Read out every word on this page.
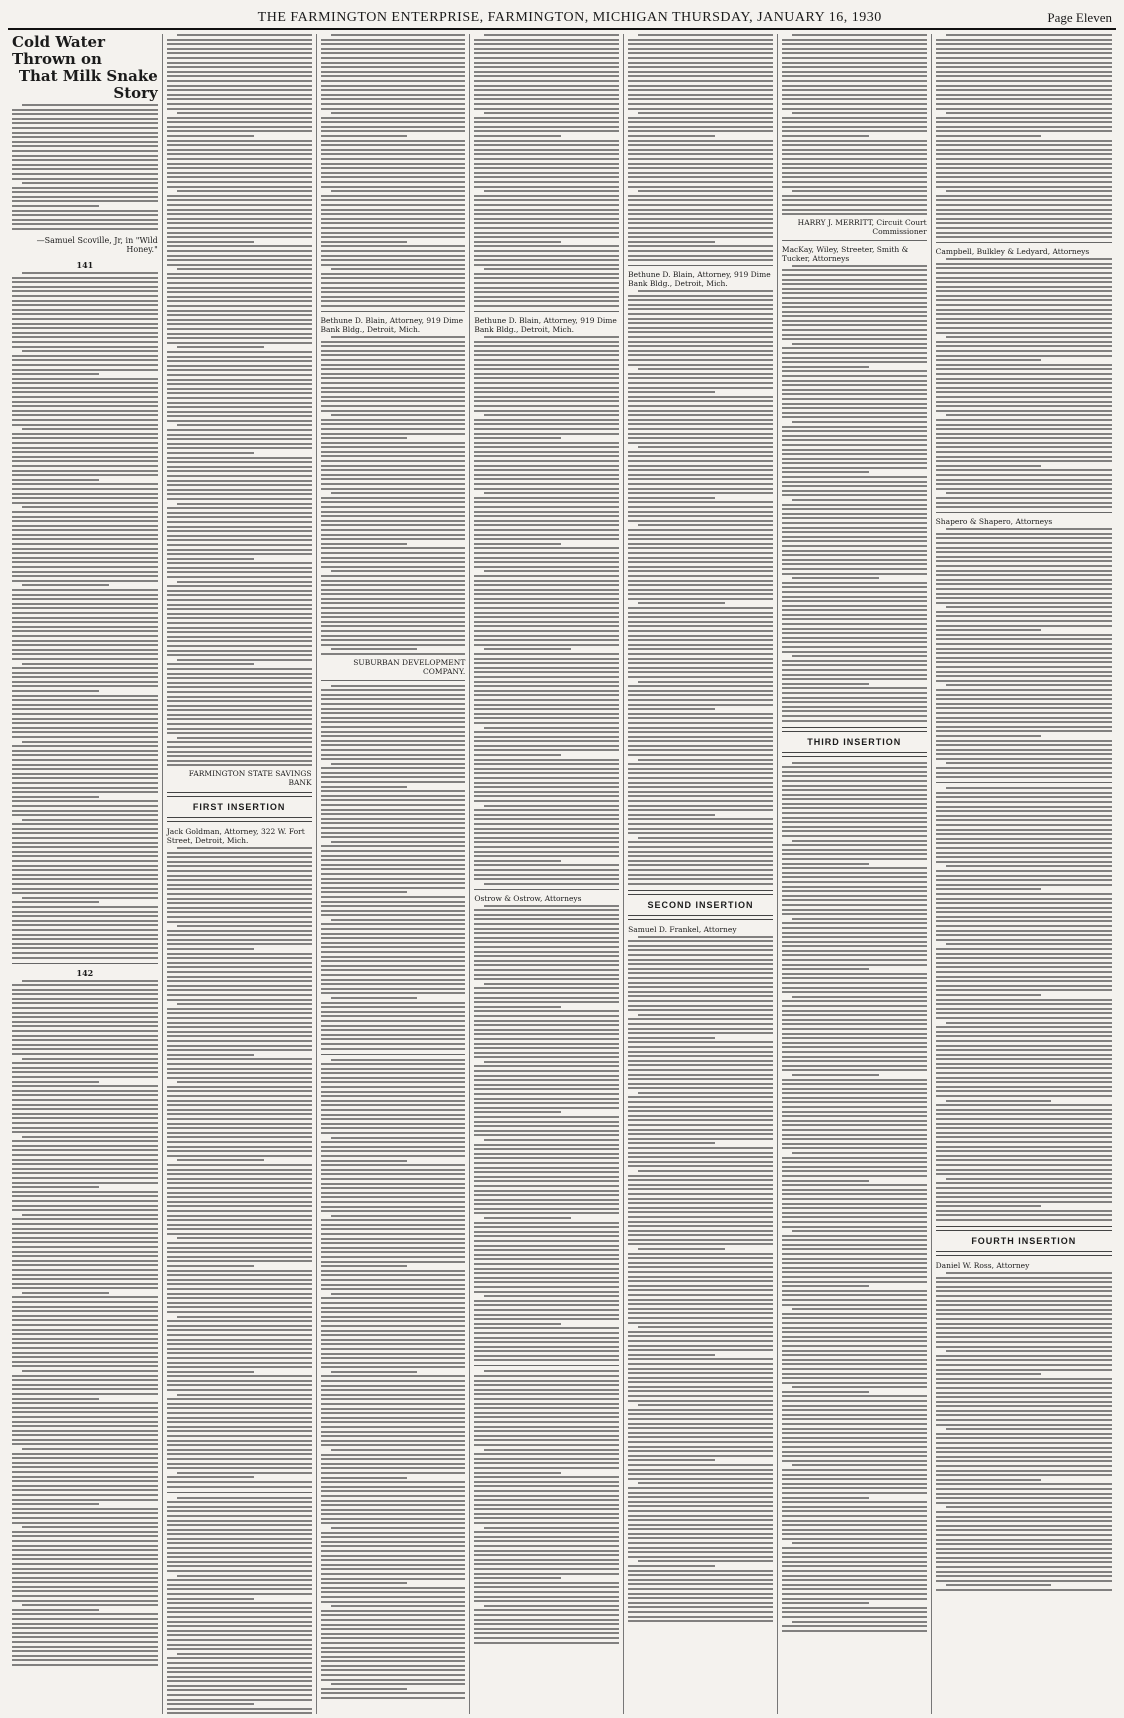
THE FARMINGTON ENTERPRISE, FARMINGTON, MICHIGAN THURSDAY, JANUARY 16, 1930	Page Eleven
Cold Water Thrown on
That Milk Snake Story
—Samuel Scoville, Jr, in "Wild Honey."
141
142
FARMINGTON STATE SAVINGS BANK
FIRST INSERTION
Jack Goldman, Attorney, 322 W. Fort Street, Detroit, Mich.
Bethune D. Blain, Attorney, 919 Dime Bank Bldg., Detroit, Mich.
SUBURBAN DEVELOPMENT COMPANY.
Bethune D. Blain, Attorney, 919 Dime Bank Bldg., Detroit, Mich.
Ostrow & Ostrow, Attorneys
Bethune D. Blain, Attorney, 919 Dime Bank Bldg., Detroit, Mich.
SECOND INSERTION
Samuel D. Frankel, Attorney
HARRY J. MERRITT, Circuit Court Commissioner
MacKay, Wiley, Streeter, Smith & Tucker, Attorneys
THIRD INSERTION
Campbell, Bulkley & Ledyard, Attorneys
Shapero & Shapero, Attorneys
FOURTH INSERTION
Daniel W. Ross, Attorney
